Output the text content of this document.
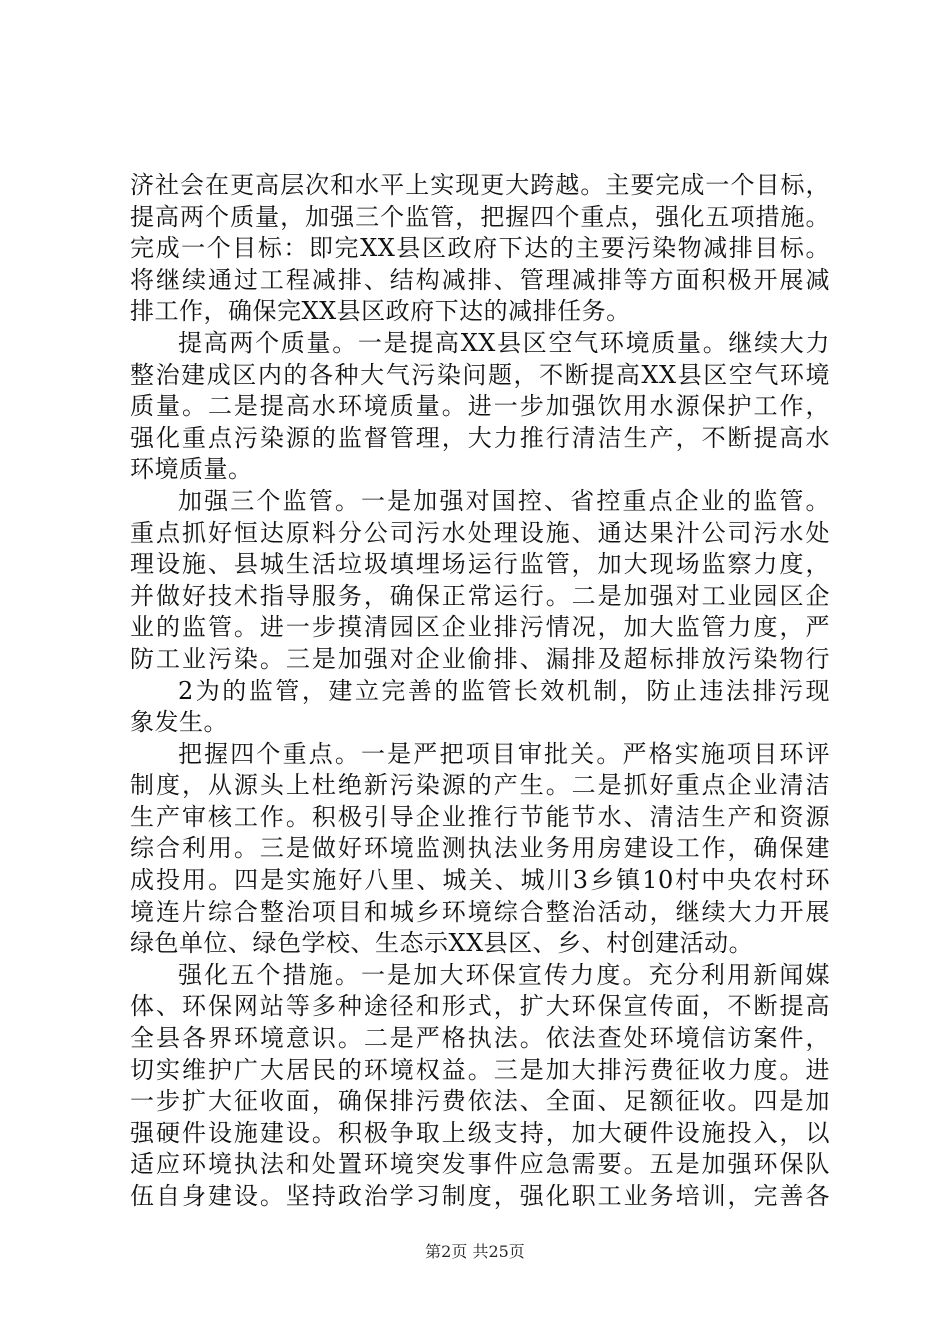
济社会在更高层次和水平上实现更大跨越。主要完成一个目标，
提高两个质量，加强三个监管，把握四个重点，强化五项措施。
完成一个目标：即完XX县区政府下达的主要污染物减排目标。
将继续通过工程减排、结构减排、管理减排等方面积极开展减
排工作，确保完XX县区政府下达的减排任务。
提高两个质量。一是提高XX县区空气环境质量。继续大力
整治建成区内的各种大气污染问题，不断提高XX县区空气环境
质量。二是提高水环境质量。进一步加强饮用水源保护工作，
强化重点污染源的监督管理，大力推行清洁生产，不断提高水
环境质量。
加强三个监管。一是加强对国控、省控重点企业的监管。
重点抓好恒达原料分公司污水处理设施、通达果汁公司污水处
理设施、县城生活垃圾填埋场运行监管，加大现场监察力度，
并做好技术指导服务，确保正常运行。二是加强对工业园区企
业的监管。进一步摸清园区企业排污情况，加大监管力度，严
防工业污染。三是加强对企业偷排、漏排及超标排放污染物行
2为的监管，建立完善的监管长效机制，防止违法排污现
象发生。
把握四个重点。一是严把项目审批关。严格实施项目环评
制度，从源头上杜绝新污染源的产生。二是抓好重点企业清洁
生产审核工作。积极引导企业推行节能节水、清洁生产和资源
综合利用。三是做好环境监测执法业务用房建设工作，确保建
成投用。四是实施好八里、城关、城川3乡镇10村中央农村环
境连片综合整治项目和城乡环境综合整治活动，继续大力开展
绿色单位、绿色学校、生态示XX县区、乡、村创建活动。
强化五个措施。一是加大环保宣传力度。充分利用新闻媒
体、环保网站等多种途径和形式，扩大环保宣传面，不断提高
全县各界环境意识。二是严格执法。依法查处环境信访案件，
切实维护广大居民的环境权益。三是加大排污费征收力度。进
一步扩大征收面，确保排污费依法、全面、足额征收。四是加
强硬件设施建设。积极争取上级支持，加大硬件设施投入，以
适应环境执法和处置环境突发事件应急需要。五是加强环保队
伍自身建设。坚持政治学习制度，强化职工业务培训，完善各
第2页 共25页
